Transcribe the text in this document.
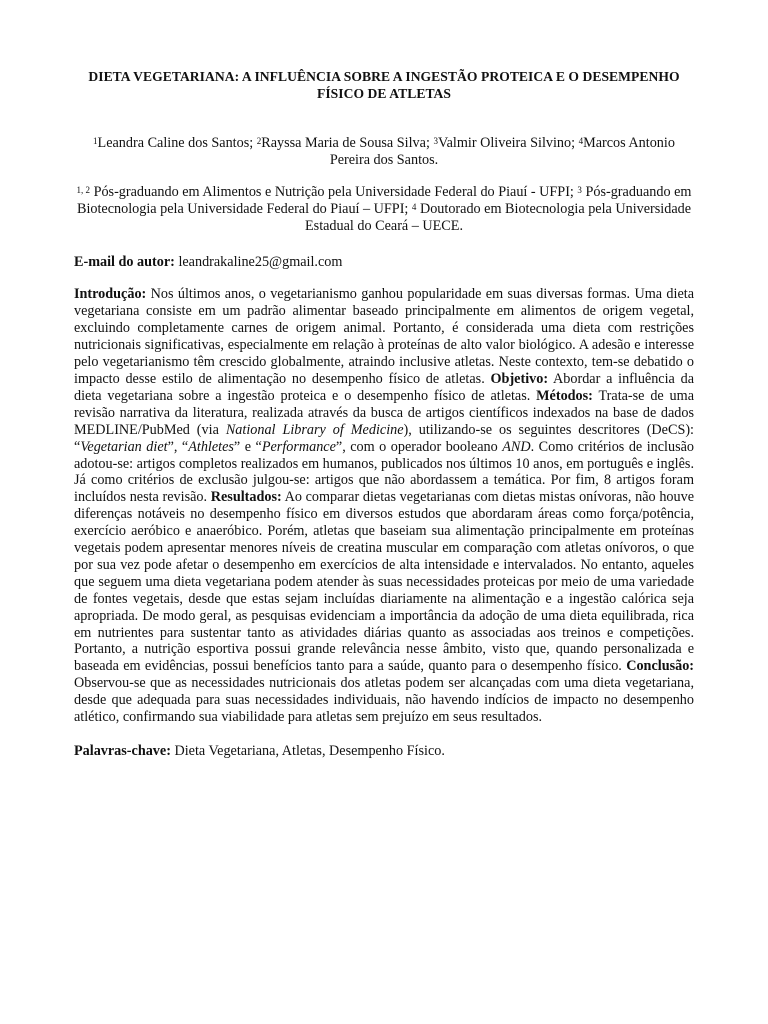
DIETA VEGETARIANA: A INFLUÊNCIA SOBRE A INGESTÃO PROTEICA E O DESEMPENHO FÍSICO DE ATLETAS
$^1$Leandra Caline dos Santos; $^2$Rayssa Maria de Sousa Silva; $^3$Valmir Oliveira Silvino; $^4$Marcos Antonio Pereira dos Santos.
$^{1, 2}$ Pós-graduando em Alimentos e Nutrição pela Universidade Federal do Piauí - UFPI; $^3$ Pós-graduando em Biotecnologia pela Universidade Federal do Piauí – UFPI; $^4$ Doutorado em Biotecnologia pela Universidade Estadual do Ceará – UECE.
E-mail do autor: leandrakaline25@gmail.com
Introdução: Nos últimos anos, o vegetarianismo ganhou popularidade em suas diversas formas. Uma dieta vegetariana consiste em um padrão alimentar baseado principalmente em alimentos de origem vegetal, excluindo completamente carnes de origem animal. Portanto, é considerada uma dieta com restrições nutricionais significativas, especialmente em relação à proteínas de alto valor biológico. A adesão e interesse pelo vegetarianismo têm crescido globalmente, atraindo inclusive atletas. Neste contexto, tem-se debatido o impacto desse estilo de alimentação no desempenho físico de atletas. Objetivo: Abordar a influência da dieta vegetariana sobre a ingestão proteica e o desempenho físico de atletas. Métodos: Trata-se de uma revisão narrativa da literatura, realizada através da busca de artigos científicos indexados na base de dados MEDLINE/PubMed (via National Library of Medicine), utilizando-se os seguintes descritores (DeCS): “Vegetarian diet”, “Athletes” e “Performance”, com o operador booleano AND. Como critérios de inclusão adotou-se: artigos completos realizados em humanos, publicados nos últimos 10 anos, em português e inglês. Já como critérios de exclusão julgou-se: artigos que não abordassem a temática. Por fim, 8 artigos foram incluídos nesta revisão. Resultados: Ao comparar dietas vegetarianas com dietas mistas onívoras, não houve diferenças notáveis no desempenho físico em diversos estudos que abordaram áreas como força/potência, exercício aeróbico e anaeróbico. Porém, atletas que baseiam sua alimentação principalmente em proteínas vegetais podem apresentar menores níveis de creatina muscular em comparação com atletas onívoros, o que por sua vez pode afetar o desempenho em exercícios de alta intensidade e intervalados. No entanto, aqueles que seguem uma dieta vegetariana podem atender às suas necessidades proteicas por meio de uma variedade de fontes vegetais, desde que estas sejam incluídas diariamente na alimentação e a ingestão calórica seja apropriada. De modo geral, as pesquisas evidenciam a importância da adoção de uma dieta equilibrada, rica em nutrientes para sustentar tanto as atividades diárias quanto as associadas aos treinos e competições. Portanto, a nutrição esportiva possui grande relevância nesse âmbito, visto que, quando personalizada e baseada em evidências, possui benefícios tanto para a saúde, quanto para o desempenho físico. Conclusão: Observou-se que as necessidades nutricionais dos atletas podem ser alcançadas com uma dieta vegetariana, desde que adequada para suas necessidades individuais, não havendo indícios de impacto no desempenho atlético, confirmando sua viabilidade para atletas sem prejuízo em seus resultados.
Palavras-chave: Dieta Vegetariana, Atletas, Desempenho Físico.
